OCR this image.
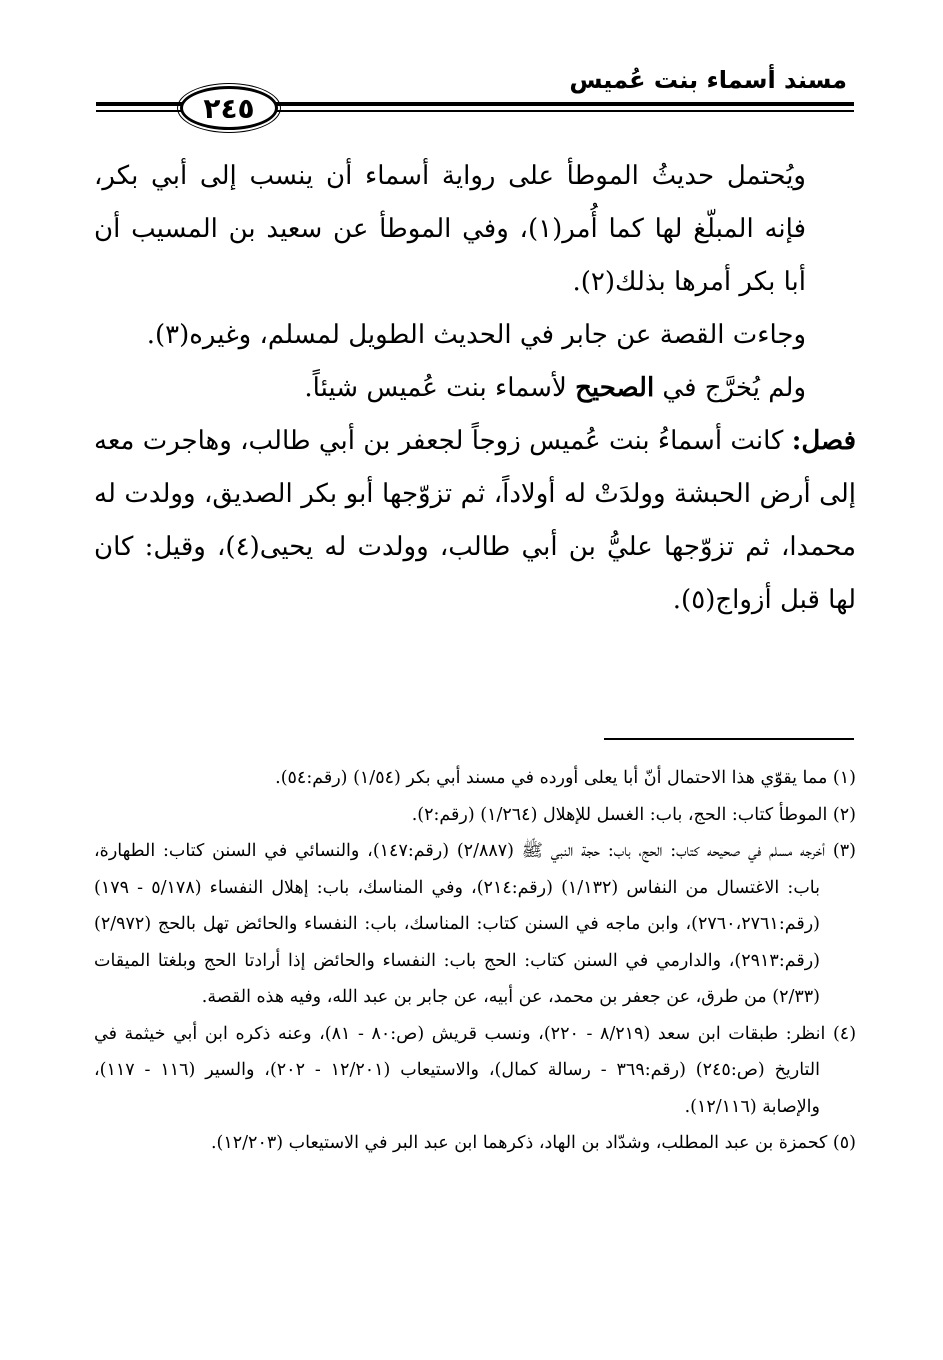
مسند أسماء بنت عُميس
٢٤٥

ويُحتمل حديثُ الموطأ على رواية أسماء أن ينسب إلى أبي بكر، فإنه المبلّغ لها كما أُمر(١)، وفي الموطأ عن سعيد بن المسيب أن أبا بكر أمرها بذلك(٢).

وجاءت القصة عن جابر في الحديث الطويل لمسلم، وغيره(٣).

ولم يُخرَّج في الصحيح لأسماء بنت عُميس شيئاً.

فصل: كانت أسماءُ بنت عُميس زوجاً لجعفر بن أبي طالب، وهاجرت معه إلى أرض الحبشة وولدَتْ له أولاداً، ثم تزوّجها أبو بكر الصديق، وولدت له محمدا، ثم تزوّجها عليُّ بن أبي طالب، وولدت له يحيى(٤)، وقيل: كان لها قبل أزواج(٥).

(١) مما يقوّي هذا الاحتمال أنّ أبا يعلى أورده في مسند أبي بكر (١/٥٤) (رقم:٥٤).

(٢) الموطأ كتاب: الحج، باب: الغسل للإهلال (١/٢٦٤) (رقم:٢).

(٣) أخرجه مسلم في صحيحه كتاب: الحج، باب: حجة النبي ﷺ (٢/٨٨٧) (رقم:١٤٧)، والنسائي في السنن كتاب: الطهارة، باب: الاغتسال من النفاس (١/١٣٢) (رقم:٢١٤)، وفي المناسك، باب: إهلال النفساء (٥/١٧٨ - ١٧٩) (رقم:٢٧٦٠،٢٧٦١)، وابن ماجه في السنن كتاب: المناسك، باب: النفساء والحائض تهل بالحج (٢/٩٧٢) (رقم:٢٩١٣)، والدارمي في السنن كتاب: الحج باب: النفساء والحائض إذا أرادتا الحج وبلغتا الميقات (٢/٣٣) من طرق، عن جعفر بن محمد، عن أبيه، عن جابر بن عبد الله، وفيه هذه القصة.

(٤) انظر: طبقات ابن سعد (٨/٢١٩ - ٢٢٠)، ونسب قريش (ص:٨٠ - ٨١)، وعنه ذكره ابن أبي خيثمة في التاريخ (ص:٢٤٥) (رقم:٣٦٩ - رسالة كمال)، والاستيعاب (١٢/٢٠١ - ٢٠٢)، والسير (١١٦ - ١١٧)، والإصابة (١٢/١١٦).

(٥) كحمزة بن عبد المطلب، وشدّاد بن الهاد، ذكرهما ابن عبد البر في الاستيعاب (١٢/٢٠٣).
